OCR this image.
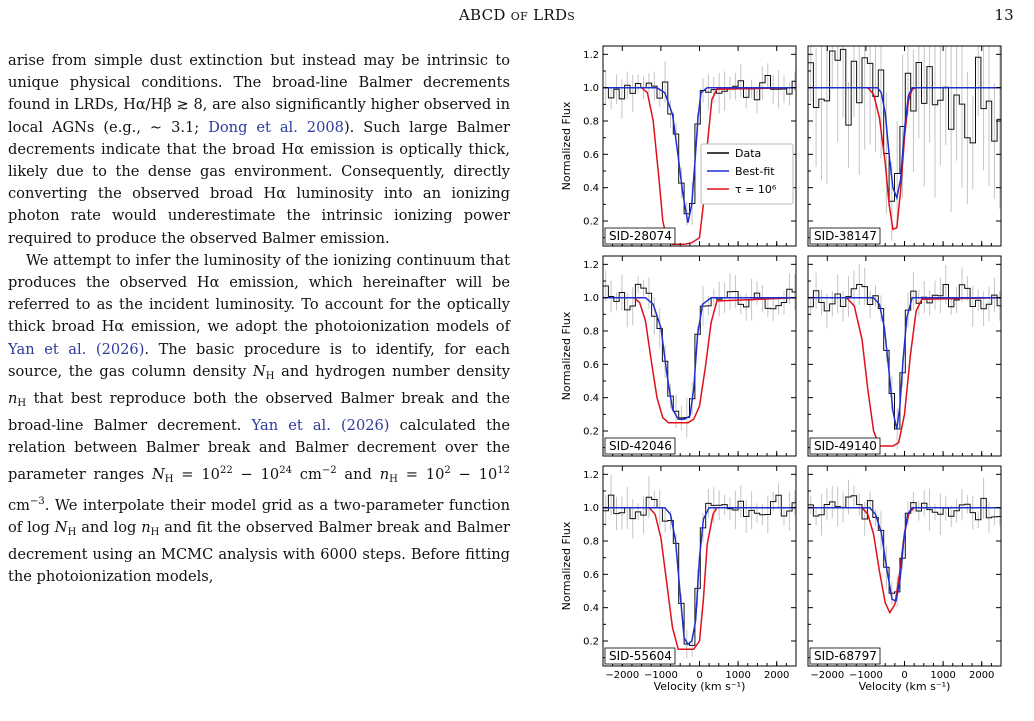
ABCD of LRDs	13

arise from simple dust extinction but instead may be intrinsic to unique physical conditions. The broad-line Balmer decrements found in LRDs, Hα/Hβ ≳ 8, are also significantly higher observed in local AGNs (e.g., ∼ 3.1; Dong et al. 2008). Such large Balmer decrements indicate that the broad Hα emission is optically thick, likely due to the dense gas environment. Consequently, directly converting the observed broad Hα luminosity into an ionizing photon rate would underestimate the intrinsic ionizing power required to produce the observed Balmer emission.

We attempt to infer the luminosity of the ionizing continuum that produces the observed Hα emission, which hereinafter will be referred to as the incident luminosity. To account for the optically thick broad Hα emission, we adopt the photoionization models of Yan et al. (2026). The basic procedure is to identify, for each source, the gas column density $N_H$ and hydrogen number density $n_H$ that best reproduce both the observed Balmer break and the broad-line Balmer decrement. Yan et al. (2026) calculated the relation between Balmer break and Balmer decrement over the parameter ranges $N_H = 10^{22} - 10^{24}$ $cm^{-2}$ and $n_H = 10^2 - 10^{12}$ $cm^{-3}$. We interpolate their model grid as a two-parameter function of $\log N_H$ and $\log n_H$ and fit the observed Balmer break and Balmer decrement using an MCMC analysis with 6000 steps. Before fitting the photoionization models,

0.2
0.4
0.6
0.8
1.0
1.2
SID-28074
Normalized Flux	Data
Best-fit
τ = 10⁶
SID-38147
0.2
0.4
0.6
0.8
1.0
1.2
SID-42046
Normalized Flux
SID-49140
0.2
0.4
0.6
0.8
1.0
1.2
−2000 −1000 0 1000 2000
SID-55604
Normalized Flux
Velocity (km s⁻¹)
−2000 −1000 0 1000 2000
SID-68797
Velocity (km s⁻¹)
